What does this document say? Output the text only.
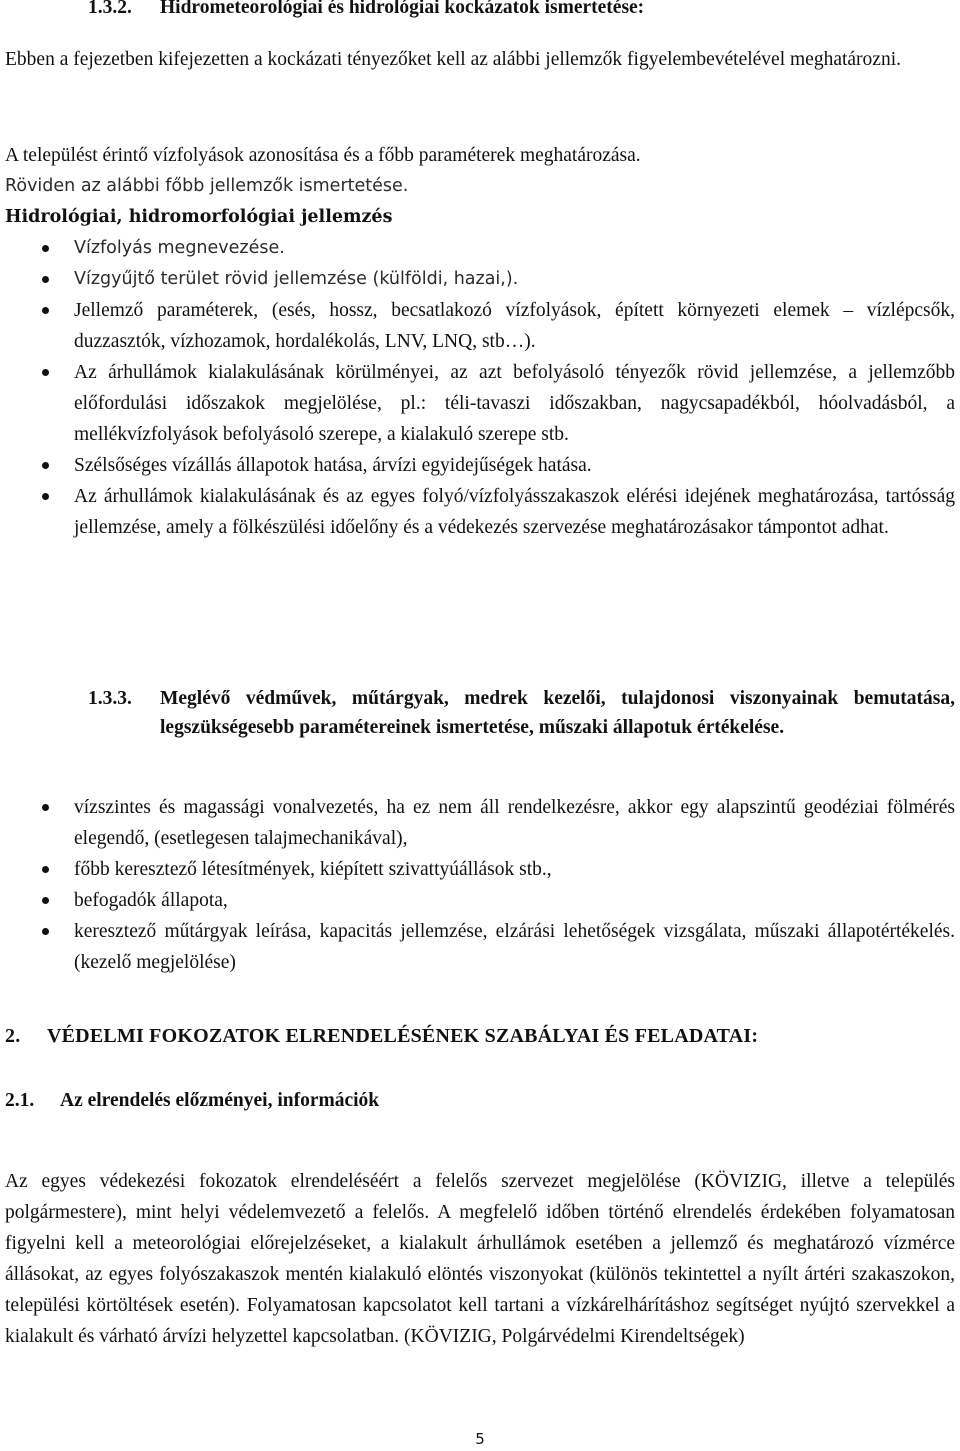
1.3.2. Hidrometeorológiai és hidrológiai kockázatok ismertetése:
Ebben a fejezetben kifejezetten a kockázati tényezőket kell az alábbi jellemzők figyelembevételével meghatározni.
A települést érintő vízfolyások azonosítása és a főbb paraméterek meghatározása.
Röviden az alábbi főbb jellemzők ismertetése.
Hidrológiai, hidromorfológiai jellemzés
Vízfolyás megnevezése.
Vízgyűjtő terület rövid jellemzése (külföldi, hazai,).
Jellemző paraméterek, (esés, hossz, becsatlakozó vízfolyások, épített környezeti elemek – vízlépcsők, duzzasztók, vízhozamok, hordalékolás, LNV, LNQ, stb…).
Az árhullámok kialakulásának körülményei, az azt befolyásoló tényezők rövid jellemzése, a jellemzőbb előfordulási időszakok megjelölése, pl.: téli-tavaszi időszakban, nagycsapadékból, hóolvadásból, a mellékvízfolyások befolyásoló szerepe, a kialakuló szerepe stb.
Szélsőséges vízállás állapotok hatása, árvízi egyidejűségek hatása.
Az árhullámok kialakulásának és az egyes folyó/vízfolyásszakaszok elérési idejének meghatározása, tartósság jellemzése, amely a fölkészülési időelőny és a védekezés szervezése meghatározásakor támpontot adhat.
1.3.3. Meglévő védművek, műtárgyak, medrek kezelői, tulajdonosi viszonyainak bemutatása, legszükségesebb paramétereinek ismertetése, műszaki állapotuk értékelése.
vízszintes és magassági vonalvezetés, ha ez nem áll rendelkezésre, akkor egy alapszintű geodéziai fölmérés elegendő, (esetlegesen talajmechanikával),
főbb keresztező létesítmények, kiépített szivattyúállások stb.,
befogadók állapota,
keresztező műtárgyak leírása, kapacitás jellemzése, elzárási lehetőségek vizsgálata, műszaki állapotértékelés. (kezelő megjelölése)
2. VÉDELMI FOKOZATOK ELRENDELÉSÉNEK SZABÁLYAI ÉS FELADATAI:
2.1. Az elrendelés előzményei, információk
Az egyes védekezési fokozatok elrendeléséért a felelős szervezet megjelölése (KÖVIZIG, illetve a település polgármestere), mint helyi védelemvezető a felelős. A megfelelő időben történő elrendelés érdekében folyamatosan figyelni kell a meteorológiai előrejelzéseket, a kialakult árhullámok esetében a jellemző és meghatározó vízmérce állásokat, az egyes folyószakaszok mentén kialakuló elöntés viszonyokat (különös tekintettel a nyílt ártéri szakaszokon, települési körtöltések esetén). Folyamatosan kapcsolatot kell tartani a vízkárelhárításhoz segítséget nyújtó szervekkel a kialakult és várható árvízi helyzettel kapcsolatban. (KÖVIZIG, Polgárvédelmi Kirendeltségek)
5
